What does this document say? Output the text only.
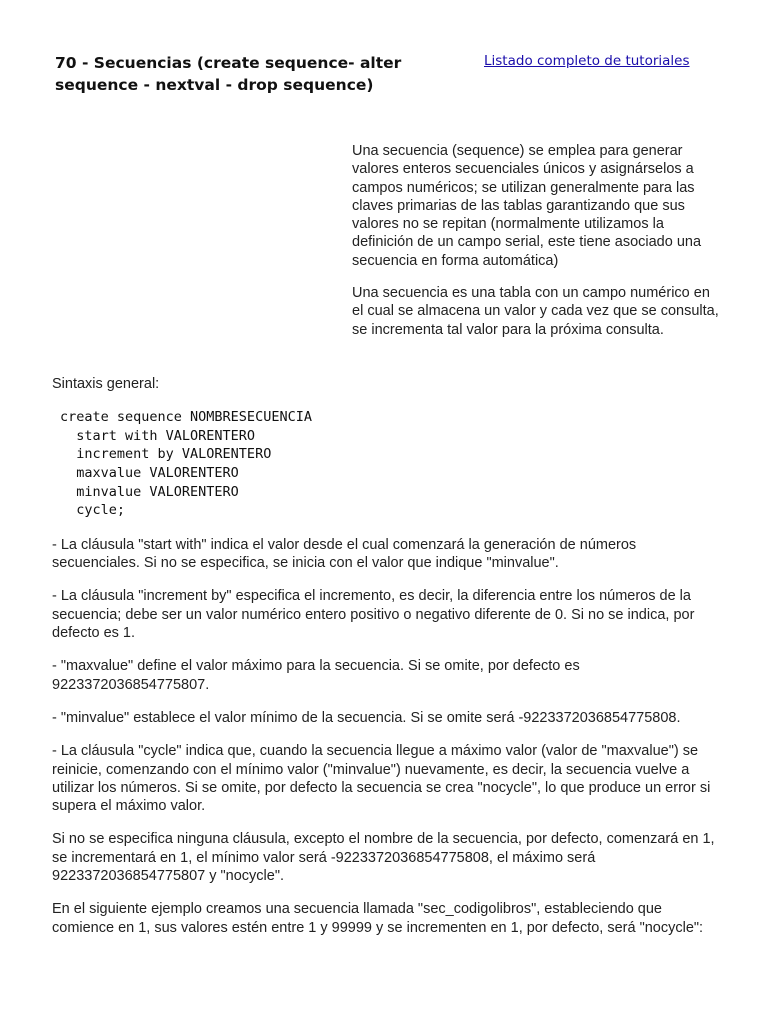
70 - Secuencias (create sequence- alter sequence - nextval - drop sequence)
Listado completo de tutoriales

Una secuencia (sequence) se emplea para generar valores enteros secuenciales únicos y asignárselos a campos numéricos; se utilizan generalmente para las claves primarias de las tablas garantizando que sus valores no se repitan (normalmente utilizamos la definición de un campo serial, este tiene asociado una secuencia en forma automática)

Una secuencia es una tabla con un campo numérico en el cual se almacena un valor y cada vez que se consulta, se incrementa tal valor para la próxima consulta.

Sintaxis general:

create sequence NOMBRESECUENCIA
start with VALORENTERO
increment by VALORENTERO
maxvalue VALORENTERO
minvalue VALORENTERO
cycle;

- La cláusula "start with" indica el valor desde el cual comenzará la generación de números secuenciales. Si no se especifica, se inicia con el valor que indique "minvalue".

- La cláusula "increment by" especifica el incremento, es decir, la diferencia entre los números de la secuencia; debe ser un valor numérico entero positivo o negativo diferente de 0. Si no se indica, por defecto es 1.

- "maxvalue" define el valor máximo para la secuencia. Si se omite, por defecto es 9223372036854775807.

- "minvalue" establece el valor mínimo de la secuencia. Si se omite será -9223372036854775808.

- La cláusula "cycle" indica que, cuando la secuencia llegue a máximo valor (valor de "maxvalue") se reinicie, comenzando con el mínimo valor ("minvalue") nuevamente, es decir, la secuencia vuelve a utilizar los números. Si se omite, por defecto la secuencia se crea "nocycle", lo que produce un error si supera el máximo valor.

Si no se especifica ninguna cláusula, excepto el nombre de la secuencia, por defecto, comenzará en 1, se incrementará en 1, el mínimo valor será -9223372036854775808, el máximo será 9223372036854775807 y "nocycle".

En el siguiente ejemplo creamos una secuencia llamada "sec_codigolibros", estableciendo que comience en 1, sus valores estén entre 1 y 99999 y se incrementen en 1, por defecto, será "nocycle":
